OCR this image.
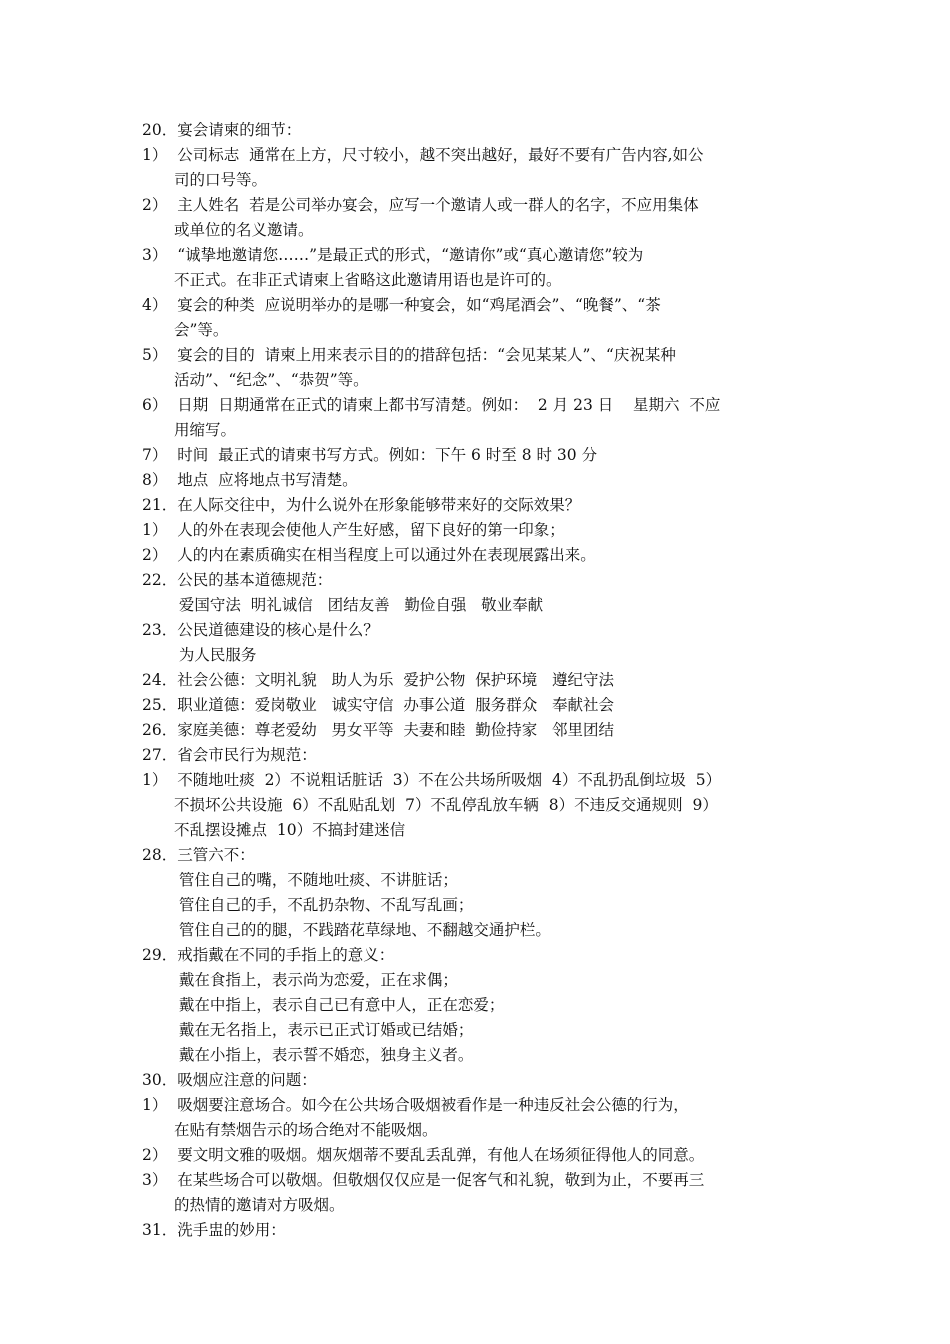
20．宴会请柬的细节：
1）  公司标志  通常在上方，尺寸较小，越不突出越好，最好不要有广告内容,如公
司的口号等。
2）  主人姓名  若是公司举办宴会，应写一个邀请人或一群人的名字，不应用集体
或单位的名义邀请。
3）  “诚挚地邀请您……”是最正式的形式，“邀请你”或“真心邀请您”较为
不正式。在非正式请柬上省略这此邀请用语也是许可的。
4）  宴会的种类  应说明举办的是哪一种宴会，如“鸡尾酒会”、“晚餐”、“茶
会”等。
5）  宴会的目的  请柬上用来表示目的的措辞包括：“会见某某人”、“庆祝某种
活动”、“纪念”、“恭贺”等。
6）  日期  日期通常在正式的请柬上都书写清楚。例如：  2 月 23 日    星期六  不应
用缩写。
7）  时间  最正式的请柬书写方式。例如：下午 6 时至 8 时 30 分
8）  地点  应将地点书写清楚。
21．在人际交往中，为什么说外在形象能够带来好的交际效果？
1）  人的外在表现会使他人产生好感，留下良好的第一印象；
2）  人的内在素质确实在相当程度上可以通过外在表现展露出来。
22．公民的基本道德规范：
爱国守法  明礼诚信   团结友善   勤俭自强   敬业奉献
23．公民道德建设的核心是什么？
为人民服务
24．社会公德：文明礼貌   助人为乐  爱护公物  保护环境   遵纪守法
25．职业道德：爱岗敬业   诚实守信  办事公道  服务群众   奉献社会
26．家庭美德：尊老爱幼   男女平等  夫妻和睦  勤俭持家   邻里团结
27．省会市民行为规范：
1）  不随地吐痰  2）不说粗话脏话  3）不在公共场所吸烟  4）不乱扔乱倒垃圾  5）
不损坏公共设施  6）不乱贴乱划  7）不乱停乱放车辆  8）不违反交通规则  9）
不乱摆设摊点  10）不搞封建迷信
28．三管六不：
管住自己的嘴，不随地吐痰、不讲脏话；
管住自己的手，不乱扔杂物、不乱写乱画；
管住自己的的腿，不践踏花草绿地、不翻越交通护栏。
29．戒指戴在不同的手指上的意义：
戴在食指上，表示尚为恋爱，正在求偶；
戴在中指上，表示自己已有意中人，正在恋爱；
戴在无名指上，表示已正式订婚或已结婚；
戴在小指上，表示誓不婚恋，独身主义者。
30．吸烟应注意的问题：
1）  吸烟要注意场合。如今在公共场合吸烟被看作是一种违反社会公德的行为，
在贴有禁烟告示的场合绝对不能吸烟。
2）  要文明文雅的吸烟。烟灰烟蒂不要乱丢乱弹，有他人在场须征得他人的同意。
3）  在某些场合可以敬烟。但敬烟仅仅应是一促客气和礼貌，敬到为止，不要再三
的热情的邀请对方吸烟。
31．洗手盅的妙用：
